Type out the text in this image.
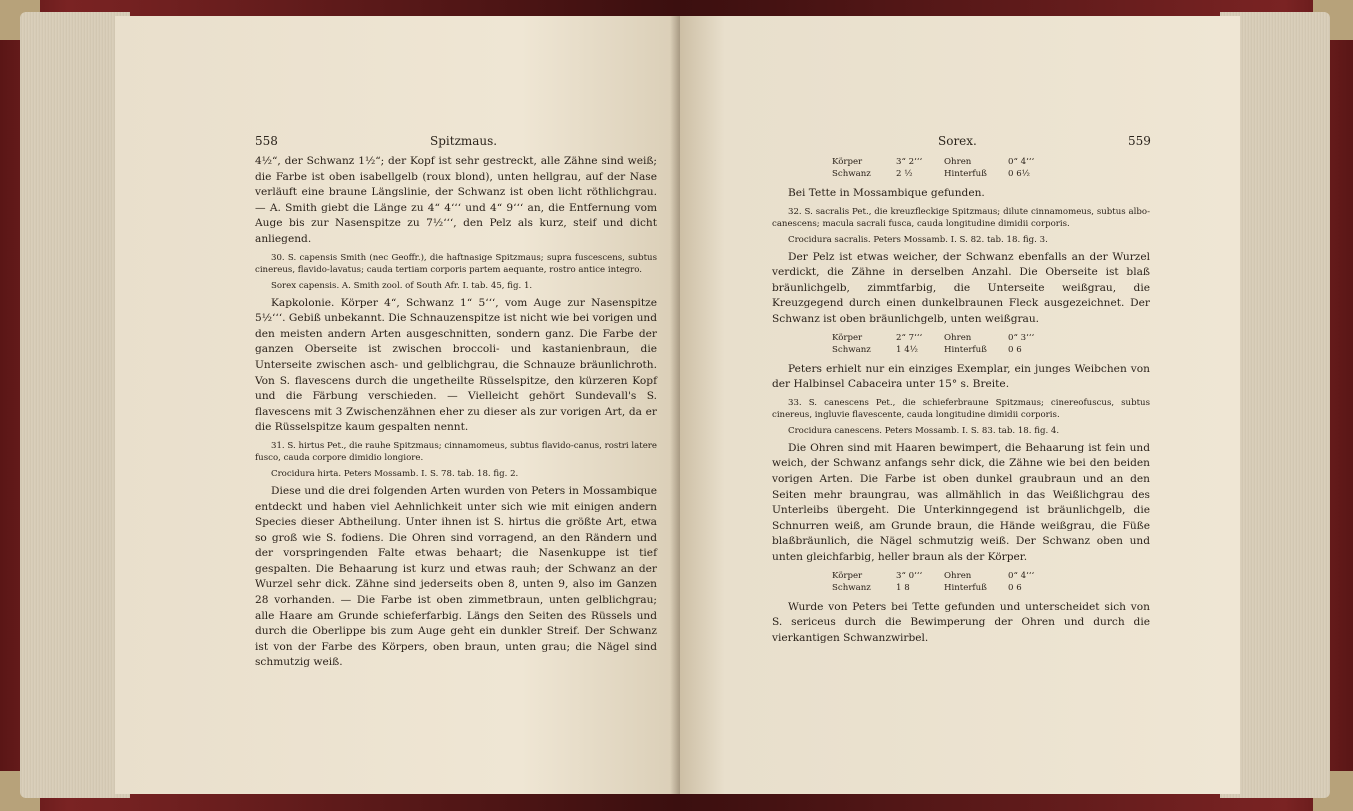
558	Spitzmaus.

4½“, der Schwanz 1½“; der Kopf ist sehr gestreckt, alle Zähne sind weiß; die Farbe ist oben isabellgelb (roux blond), unten hellgrau, auf der Nase verläuft eine braune Längslinie, der Schwanz ist oben licht röthlichgrau. — A. Smith giebt die Länge zu 4“ 4‘‘‘ und 4“ 9‘‘‘ an, die Entfernung vom Auge bis zur Nasenspitze zu 7½‘‘‘, den Pelz als kurz, steif und dicht anliegend.

30. S. capensis Smith (nec Geoffr.), die haftnasige Spitzmaus; supra fuscescens, subtus cinereus, flavido-lavatus; cauda tertiam corporis partem aequante, rostro antice integro.

Sorex capensis. A. Smith zool. of South Afr. I. tab. 45, fig. 1.

Kapkolonie. Körper 4“, Schwanz 1“ 5‘‘‘, vom Auge zur Nasenspitze 5½‘‘‘. Gebiß unbekannt. Die Schnauzenspitze ist nicht wie bei vorigen und den meisten andern Arten ausgeschnitten, sondern ganz. Die Farbe der ganzen Oberseite ist zwischen broccoli- und kastanienbraun, die Unterseite zwischen asch- und gelblichgrau, die Schnauze bräunlichroth. Von S. flavescens durch die ungetheilte Rüsselspitze, den kürzeren Kopf und die Färbung verschieden. — Vielleicht gehört Sundevall's S. flavescens mit 3 Zwischenzähnen eher zu dieser als zur vorigen Art, da er die Rüsselspitze kaum gespalten nennt.

31. S. hirtus Pet., die rauhe Spitzmaus; cinnamomeus, subtus flavido-canus, rostri latere fusco, cauda corpore dimidio longiore.

Crocidura hirta. Peters Mossamb. I. S. 78. tab. 18. fig. 2.

Diese und die drei folgenden Arten wurden von Peters in Mossambique entdeckt und haben viel Aehnlichkeit unter sich wie mit einigen andern Species dieser Abtheilung. Unter ihnen ist S. hirtus die größte Art, etwa so groß wie S. fodiens. Die Ohren sind vorragend, an den Rändern und der vorspringenden Falte etwas behaart; die Nasenkuppe ist tief gespalten. Die Behaarung ist kurz und etwas rauh; der Schwanz an der Wurzel sehr dick. Zähne sind jederseits oben 8, unten 9, also im Ganzen 28 vorhanden. — Die Farbe ist oben zimmetbraun, unten gelblichgrau; alle Haare am Grunde schieferfarbig. Längs den Seiten des Rüssels und durch die Oberlippe bis zum Auge geht ein dunkler Streif. Der Schwanz ist von der Farbe des Körpers, oben braun, unten grau; die Nägel sind schmutzig weiß.

Sorex.	559
Körper	3“ 2‘‘‘	Ohren	0“ 4‘‘‘
Schwanz	2 ½	Hinterfuß 0 6½

Bei Tette in Mossambique gefunden.

32. S. sacralis Pet., die kreuzfleckige Spitzmaus; dilute cinnamomeus, subtus albo-canescens; macula sacrali fusca, cauda longitudine dimidii corporis.

Crocidura sacralis. Peters Mossamb. I. S. 82. tab. 18. fig. 3.

Der Pelz ist etwas weicher, der Schwanz ebenfalls an der Wurzel verdickt, die Zähne in derselben Anzahl. Die Oberseite ist blaß bräunlichgelb, zimmtfarbig, die Unterseite weißgrau, die Kreuzgegend durch einen dunkelbraunen Fleck ausgezeichnet. Der Schwanz ist oben bräunlichgelb, unten weißgrau.

Körper	2“ 7‘‘‘	Ohren	0“ 3‘‘‘
Schwanz	1 4½	Hinterfuß 0 6

Peters erhielt nur ein einziges Exemplar, ein junges Weibchen von der Halbinsel Cabaceira unter 15° s. Breite.

33. S. canescens Pet., die schieferbraune Spitzmaus; cinereofuscus, subtus cinereus, ingluvie flavescente, cauda longitudine dimidii corporis.

Crocidura canescens. Peters Mossamb. I. S. 83. tab. 18. fig. 4.

Die Ohren sind mit Haaren bewimpert, die Behaarung ist fein und weich, der Schwanz anfangs sehr dick, die Zähne wie bei den beiden vorigen Arten. Die Farbe ist oben dunkel graubraun und an den Seiten mehr braungrau, was allmählich in das Weißlichgrau des Unterleibs übergeht. Die Unterkinngegend ist bräunlichgelb, die Schnurren weiß, am Grunde braun, die Hände weißgrau, die Füße blaßbräunlich, die Nägel schmutzig weiß. Der Schwanz oben und unten gleichfarbig, heller braun als der Körper.

Körper	3“ 0‘‘‘	Ohren	0“ 4‘‘‘
Schwanz	1 8	Hinterfuß 0 6

Wurde von Peters bei Tette gefunden und unterscheidet sich von S. sericeus durch die Bewimperung der Ohren und durch die vierkantigen Schwanzwirbel.
